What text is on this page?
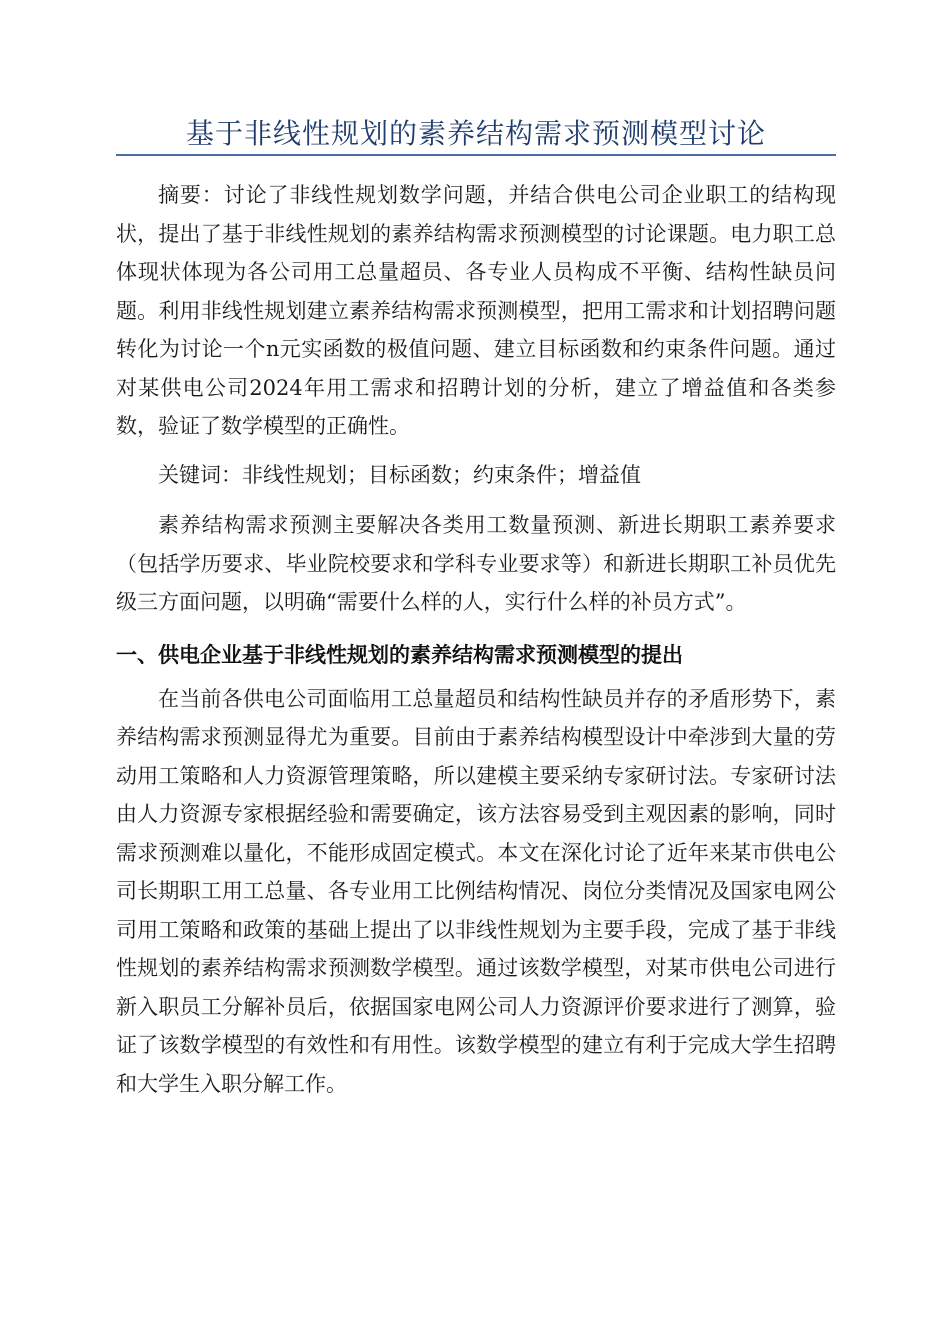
基于非线性规划的素养结构需求预测模型讨论

摘要：讨论了非线性规划数学问题，并结合供电公司企业职工的结构现状，提出了基于非线性规划的素养结构需求预测模型的讨论课题。电力职工总体现状体现为各公司用工总量超员、各专业人员构成不平衡、结构性缺员问题。利用非线性规划建立素养结构需求预测模型，把用工需求和计划招聘问题转化为讨论一个n元实函数的极值问题、建立目标函数和约束条件问题。通过对某供电公司2024年用工需求和招聘计划的分析，建立了增益值和各类参数，验证了数学模型的正确性。

关键词：非线性规划；目标函数；约束条件；增益值

素养结构需求预测主要解决各类用工数量预测、新进长期职工素养要求（包括学历要求、毕业院校要求和学科专业要求等）和新进长期职工补员优先级三方面问题，以明确“需要什么样的人，实行什么样的补员方式”。

一、供电企业基于非线性规划的素养结构需求预测模型的提出

在当前各供电公司面临用工总量超员和结构性缺员并存的矛盾形势下，素养结构需求预测显得尤为重要。目前由于素养结构模型设计中牵涉到大量的劳动用工策略和人力资源管理策略，所以建模主要采纳专家研讨法。专家研讨法由人力资源专家根据经验和需要确定，该方法容易受到主观因素的影响，同时需求预测难以量化，不能形成固定模式。本文在深化讨论了近年来某市供电公司长期职工用工总量、各专业用工比例结构情况、岗位分类情况及国家电网公司用工策略和政策的基础上提出了以非线性规划为主要手段，完成了基于非线性规划的素养结构需求预测数学模型。通过该数学模型，对某市供电公司进行新入职员工分解补员后，依据国家电网公司人力资源评价要求进行了测算，验证了该数学模型的有效性和有用性。该数学模型的建立有利于完成大学生招聘和大学生入职分解工作。
